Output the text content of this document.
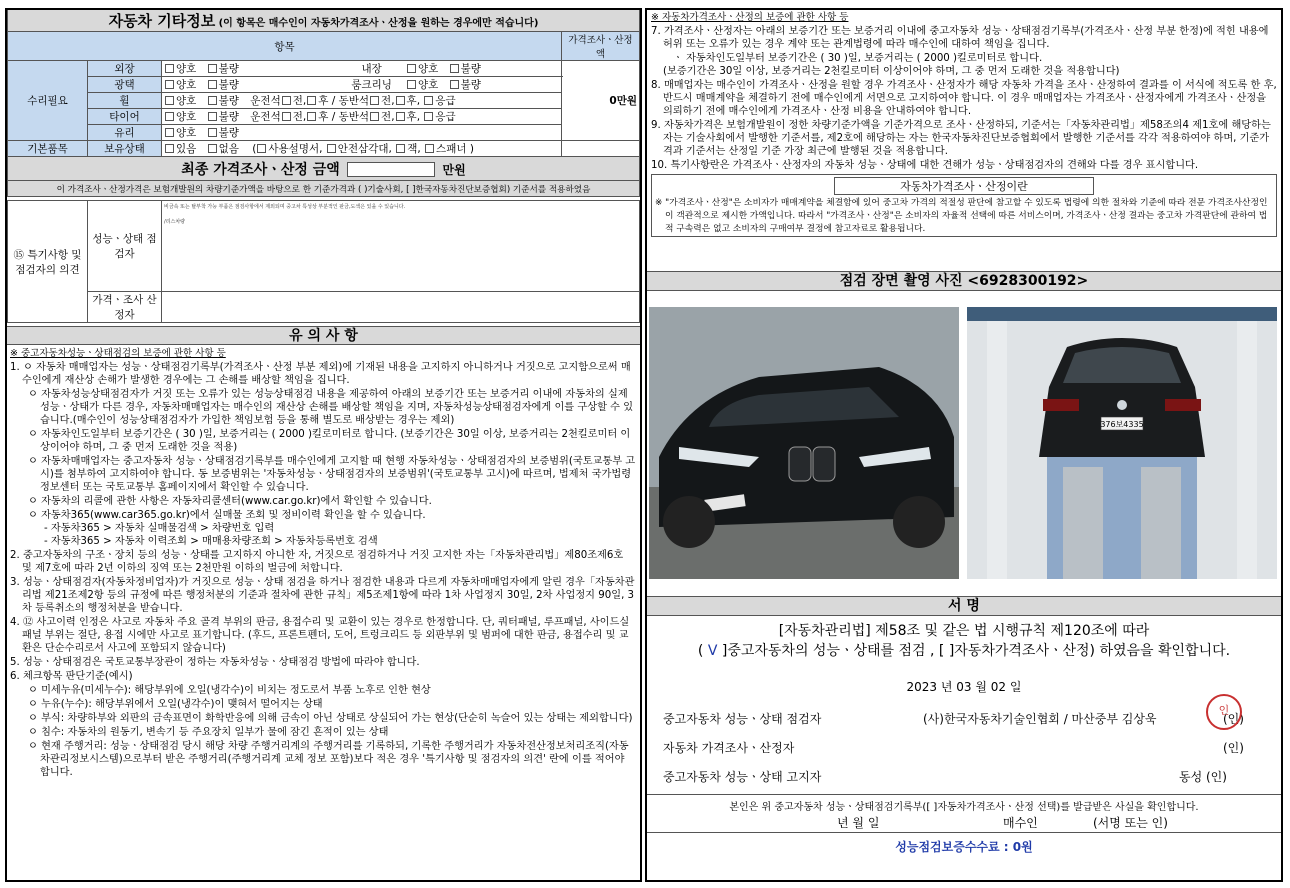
자동차 기타정보 (이 항목은 매수인이 자동차가격조사ㆍ산정을 원하는 경우에만 적습니다)			
항목			가격조사ㆍ산정액
수리필요	외장	양호 불량 내장 양호 불량	0만원
	광택	양호 불량 룸크리닝 양호 불량	
	휠	양호 불량 운전석 전, 후 / 동반석 전, 후, 응급	
	타이어	양호 불량 운전석 전, 후 / 동반석 전, 후, 응급	
	유리	양호 불량	
기본품목	보유상태	있음 없음 ( 사용설명서, 안전삼각대, 잭, 스패너 )	
최종 가격조사ㆍ산정 금액 만원			
이 가격조사ㆍ산정가격은 보험개발원의 차량기준가액을 바탕으로 한 기준가격과 ( )기술사회, [ ]한국자동차진단보증협회) 기준서를 적용하였음			
⑮ 특기사항 및 점검자의 의견	성능ㆍ상태 점검자	비금속 또는 탈부착 가능 부품은 점검사항에서 제외되며 중고차 특성상 부분적인 판금,도색은 있을 수 있습니다.
/리스차량

	가격ㆍ조사 산정자	
유 의 사 항

※ 중고자동차성능ㆍ상태점검의 보증에 관한 사항 등

1. ㅇ 자동차 매매업자는 성능ㆍ상태점검기록부(가격조사ㆍ산정 부분 제외)에 기재된 내용을 고지하지 아니하거나 거짓으로 고지함으로써 매수인에게 재산상 손해가 발생한 경우에는 그 손해를 배상할 책임을 집니다.

ㅇ 자동차성능상태점검자가 거짓 또는 오류가 있는 성능상태점검 내용을 제공하여 아래의 보증기간 또는 보증거리 이내에 자동차의 실제 성능ㆍ상태가 다른 경우, 자동차매매업자는 매수인의 재산상 손해를 배상할 책임을 지며, 자동차성능상태점검자에게 이를 구상할 수 있습니다.(매수인이 성능상태점검자가 가입한 책임보험 등을 통해 별도로 배상받는 경우는 제외)

ㅇ 자동차인도일부터 보증기간은 ( 30 )일, 보증거리는 ( 2000 )킬로미터로 합니다. (보증기간은 30일 이상, 보증거리는 2천킬로미터 이상이어야 하며, 그 중 먼저 도래한 것을 적용)

ㅇ 자동차매매업자는 중고자동차 성능ㆍ상태점검기록부를 매수인에게 고지할 때 현행 자동차성능ㆍ상태점검자의 보증범위(국토교통부 고시)를 첨부하여 고지하여야 합니다. 동 보증범위는 '자동차성능ㆍ상태점검자의 보증범위'(국토교통부 고시)에 따르며, 법제처 국가법령정보센터 또는 국토교통부 홈페이지에서 확인할 수 있습니다.

ㅇ 자동차의 리콜에 관한 사항은 자동차리콜센터(www.car.go.kr)에서 확인할 수 있습니다.

ㅇ 자동차365(www.car365.go.kr)에서 실매물 조회 및 정비이력 확인을 할 수 있습니다.

- 자동차365 > 자동차 실매물검색 > 차량번호 입력

- 자동차365 > 자동차 이력조회 > 매매용차량조회 > 자동차등록번호 검색

2. 중고자동차의 구조ㆍ장치 등의 성능ㆍ상태를 고지하지 아니한 자, 거짓으로 점검하거나 거짓 고지한 자는「자동차관리법」제80조제6호 및 제7호에 따라 2년 이하의 징역 또는 2천만원 이하의 벌금에 처합니다.

3. 성능ㆍ상태점검자(자동차정비업자)가 거짓으로 성능ㆍ상태 점검을 하거나 점검한 내용과 다르게 자동차매매업자에게 알린 경우「자동차관리법 제21조제2항 등의 규정에 따른 행정처분의 기준과 절차에 관한 규칙」제5조제1항에 따라 1차 사업정지 30일, 2차 사업정지 90일, 3차 등록취소의 행정처분을 받습니다.

4. ⑫ 사고이력 인정은 사고로 자동차 주요 골격 부위의 판금, 용접수리 및 교환이 있는 경우로 한정합니다. 단, 쿼터패널, 루프패널, 사이드실패널 부위는 절단, 용접 시에만 사고로 표기합니다. (후드, 프론트펜더, 도어, 트렁크리드 등 외판부위 및 범퍼에 대한 판금, 용접수리 및 교환은 단순수리로서 사고에 포함되지 않습니다)

5. 성능ㆍ상태점검은 국토교통부장관이 정하는 자동차성능ㆍ상태점검 방법에 따라야 합니다.

6. 체크항목 판단기준(예시)

ㅇ 미세누유(미세누수): 해당부위에 오일(냉각수)이 비치는 정도로서 부품 노후로 인한 현상

ㅇ 누유(누수): 해당부위에서 오일(냉각수)이 맺혀서 떨어지는 상태

ㅇ 부식: 차량하부와 외판의 금속표면이 화학반응에 의해 금속이 아닌 상태로 상실되어 가는 현상(단순히 녹슬어 있는 상태는 제외합니다)

ㅇ 침수: 자동차의 원동기, 변속기 등 주요장치 일부가 물에 잠긴 흔적이 있는 상태

ㅇ 현재 주행거리: 성능ㆍ상태점검 당시 해당 차량 주행거리계의 주행거리를 기록하되, 기록한 주행거리가 자동차전산정보처리조직(자동차관리정보시스템)으로부터 받은 주행거리(주행거리계 교체 정보 포함)보다 적은 경우 '특기사항 및 점검자의 의견' 란에 이를 적어야 합니다.

※ 자동차가격조사ㆍ산정의 보증에 관한 사항 등

7. 가격조사ㆍ산정자는 아래의 보증기간 또는 보증거리 이내에 중고자동차 성능ㆍ상태점검기록부(가격조사ㆍ산정 부분 한정)에 적힌 내용에 허위 또는 오류가 있는 경우 계약 또는 관계법령에 따라 매수인에 대하여 책임을 집니다.

ㆍ 자동차인도일부터 보증기간은 ( 30 )일, 보증거리는 ( 2000 )킬로미터로 합니다.

(보증기간은 30일 이상, 보증거리는 2천킬로미터 이상이어야 하며, 그 중 먼저 도래한 것을 적용합니다)

8. 매매업자는 매수인이 가격조사ㆍ산정을 원할 경우 가격조사ㆍ산정자가 해당 자동차 가격을 조사ㆍ산정하여 결과를 이 서식에 적도록 한 후, 반드시 매매계약을 체결하기 전에 매수인에게 서면으로 고지하여야 합니다. 이 경우 매매업자는 가격조사ㆍ산정자에게 가격조사ㆍ산정을 의뢰하기 전에 매수인에게 가격조사ㆍ산정 비용을 안내하여야 합니다.

9. 자동차가격은 보험개발원이 정한 차량기준가액을 기준가격으로 조사ㆍ산정하되, 기준서는「자동차관리법」제58조의4 제1호에 해당하는 자는 기술사회에서 발행한 기준서를, 제2호에 해당하는 자는 한국자동차진단보증협회에서 발행한 기준서를 각각 적용하여야 하며, 기준가격과 기준서는 산정일 기준 가장 최근에 발행된 것을 적용합니다.

10. 특기사항란은 가격조사ㆍ산정자의 자동차 성능ㆍ상태에 대한 견해가 성능ㆍ상태점검자의 견해와 다를 경우 표시합니다.

자동차가격조사ㆍ산정이란
※ "가격조사ㆍ산정"은 소비자가 매매계약을 체결함에 있어 중고차 가격의 적절성 판단에 참고할 수 있도록 법령에 의한 절차와 기준에 따라 전문 가격조사산정인이 객관적으로 제시한 가액입니다. 따라서 "가격조사ㆍ산정"은 소비자의 자율적 선택에 따른 서비스이며, 가격조사ㆍ산정 결과는 중고차 가격판단에 관하여 법적 구속력은 없고 소비자의 구매여부 결정에 참고자료로 활용됩니다.
점검 장면 촬영 사진 <6928300192>
376보4335
서 명
[자동차관리법] 제58조 및 같은 법 시행규칙 제120조에 따라
( V ]중고자동차의 성능ㆍ상태를 점검 , [ ]자동차가격조사ㆍ산정) 하였음을 확인합니다.
2023 년 03 월 02 일
중고자동차 성능ㆍ상태 점검자	(사)한국자동차기술인협회 / 마산중부 김상욱	(인)
인
자동차 가격조사ㆍ산정자	(인)
중고자동차 성능ㆍ상태 고지자	동성 (인)
본인은 위 중고자동차 성능ㆍ상태점검기록부([ ]자동차가격조사ㆍ산정 선택)를 발급받은 사실을 확인합니다.
년 월 일	매수인	(서명 또는 인)
성능점검보증수수료 : 0원
